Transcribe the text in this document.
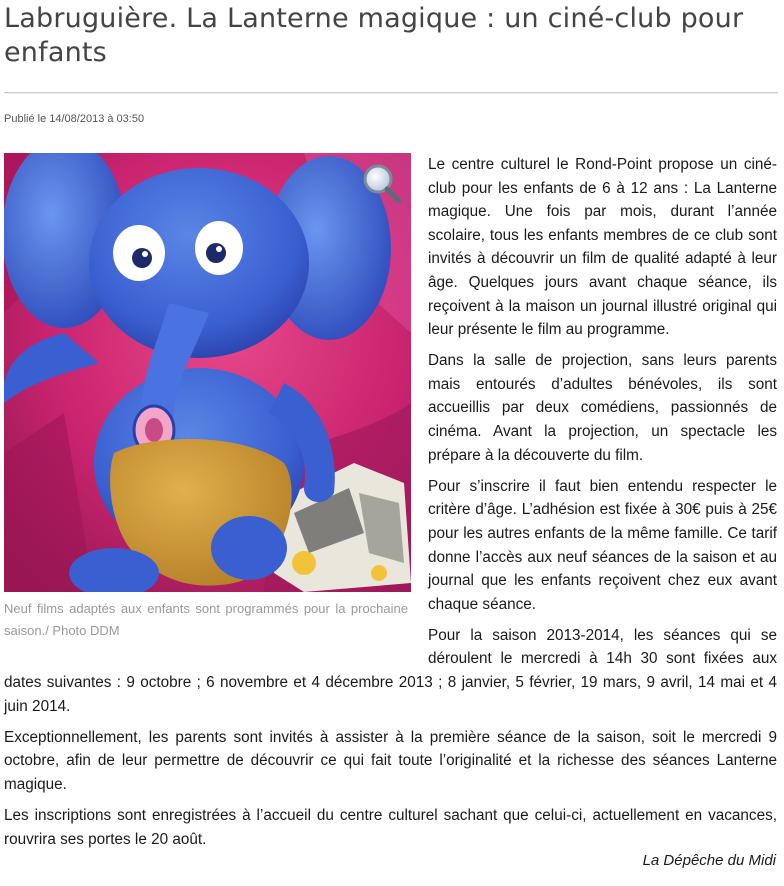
Labruguière. La Lanterne magique : un ciné-club pour enfants
Publié le 14/08/2013 à 03:50

Le centre culturel le Rond-Point propose un ciné-club pour les enfants de 6 à 12 ans : La Lanterne magique. Une fois par mois, durant l’année scolaire, tous les enfants membres de ce club sont invités à découvrir un film de qualité adapté à leur âge. Quelques jours avant chaque séance, ils reçoivent à la maison un journal illustré original qui leur présente le film au programme.

Dans la salle de projection, sans leurs parents mais entourés d’adultes bénévoles, ils sont accueillis par deux comédiens, passionnés de cinéma. Avant la projection, un spectacle les prépare à la découverte du film.

Pour s’inscrire il faut bien entendu respecter le critère d’âge. L’adhésion est fixée à 30€ puis à 25€ pour les autres enfants de la même famille. Ce tarif donne l’accès aux neuf séances de la saison et au journal que les enfants reçoivent chez eux avant chaque séance.

Pour la saison 2013-2014, les séances qui se déroulent le mercredi à 14h 30 sont fixées aux dates suivantes : 9 octobre ; 6 novembre et 4 décembre 2013 ; 8 janvier, 5 février, 19 mars, 9 avril, 14 mai et 4 juin 2014.

Exceptionnellement, les parents sont invités à assister à la première séance de la saison, soit le mercredi 9 octobre, afin de leur permettre de découvrir ce qui fait toute l’originalité et la richesse des séances Lanterne magique.

Les inscriptions sont enregistrées à l’accueil du centre culturel sachant que celui-ci, actuellement en vacances, rouvrira ses portes le 20 août.

Neuf films adaptés aux enfants sont programmés pour la prochaine saison./ Photo DDM
La Dépêche du Midi
